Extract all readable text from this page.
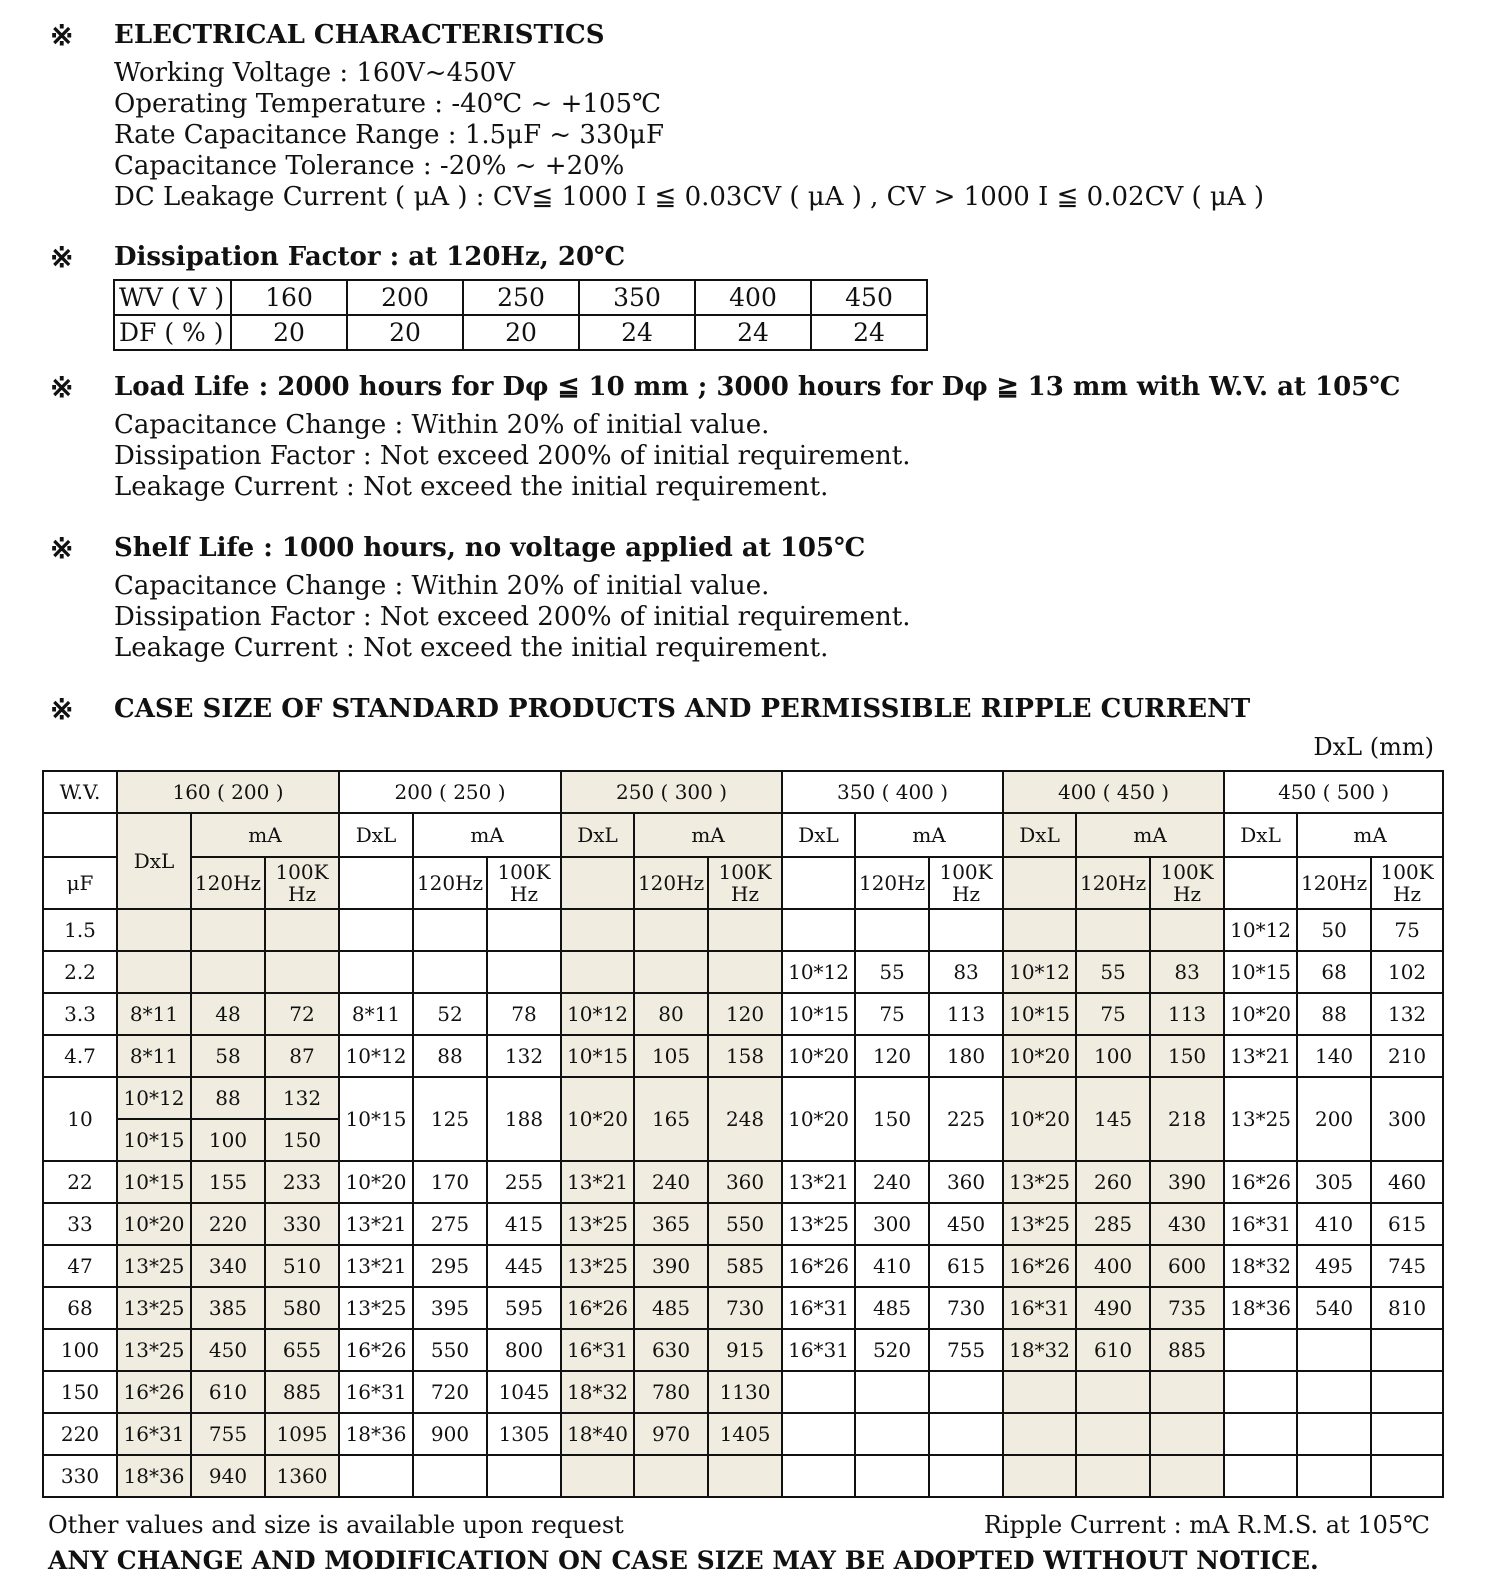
※	ELECTRICAL CHARACTERISTICS
Working Voltage : 160V~450V
Operating Temperature : -40℃ ~ +105℃
Rate Capacitance Range : 1.5μF ~ 330μF
Capacitance Tolerance : -20% ~ +20%
DC Leakage Current ( μA ) : CV≦ 1000 I ≦ 0.03CV ( μA ) , CV > 1000 I ≦ 0.02CV ( μA )
※	Dissipation Factor : at 120Hz, 20℃
WV ( V )	160	200	250	350	400	450
DF ( % )	20	20	20	24	24	24
※	Load Life : 2000 hours for Dφ ≦ 10 mm ; 3000 hours for Dφ ≧ 13 mm with W.V. at 105℃
Capacitance Change : Within 20% of initial value.
Dissipation Factor : Not exceed 200% of initial requirement.
Leakage Current : Not exceed the initial requirement.
※	Shelf Life : 1000 hours, no voltage applied at 105℃
Capacitance Change : Within 20% of initial value.
Dissipation Factor : Not exceed 200% of initial requirement.
Leakage Current : Not exceed the initial requirement.
※	CASE SIZE OF STANDARD PRODUCTS AND PERMISSIBLE RIPPLE CURRENT
DxL (mm)
W.V.	160 ( 200 )			200 ( 250 )			250 ( 300 )			350 ( 400 )			400 ( 450 )			450 ( 500 )		
	DxL	mA		DxL	mA		DxL	mA		DxL	mA		DxL	mA		DxL	mA	
μF		120Hz	100K Hz		120Hz	100K Hz		120Hz	100K Hz		120Hz	100K Hz		120Hz	100K Hz		120Hz	100K Hz
1.5																10*12	50	75
2.2										10*12	55	83	10*12	55	83	10*15	68	102
3.3	8*11	48	72	8*11	52	78	10*12	80	120	10*15	75	113	10*15	75	113	10*20	88	132
4.7	8*11	58	87	10*12	88	132	10*15	105	158	10*20	120	180	10*20	100	150	13*21	140	210
10	10*12	88	132	10*15	125	188	10*20	165	248	10*20	150	225	10*20	145	218	13*25	200	300
	10*15	100	150															
22	10*15	155	233	10*20	170	255	13*21	240	360	13*21	240	360	13*25	260	390	16*26	305	460
33	10*20	220	330	13*21	275	415	13*25	365	550	13*25	300	450	13*25	285	430	16*31	410	615
47	13*25	340	510	13*21	295	445	13*25	390	585	16*26	410	615	16*26	400	600	18*32	495	745
68	13*25	385	580	13*25	395	595	16*26	485	730	16*31	485	730	16*31	490	735	18*36	540	810
100	13*25	450	655	16*26	550	800	16*31	630	915	16*31	520	755	18*32	610	885			
150	16*26	610	885	16*31	720	1045	18*32	780	1130									
220	16*31	755	1095	18*36	900	1305	18*40	970	1405									
330	18*36	940	1360															
Other values and size is available upon request	Ripple Current : mA R.M.S. at 105℃
ANY CHANGE AND MODIFICATION ON CASE SIZE MAY BE ADOPTED WITHOUT NOTICE.
